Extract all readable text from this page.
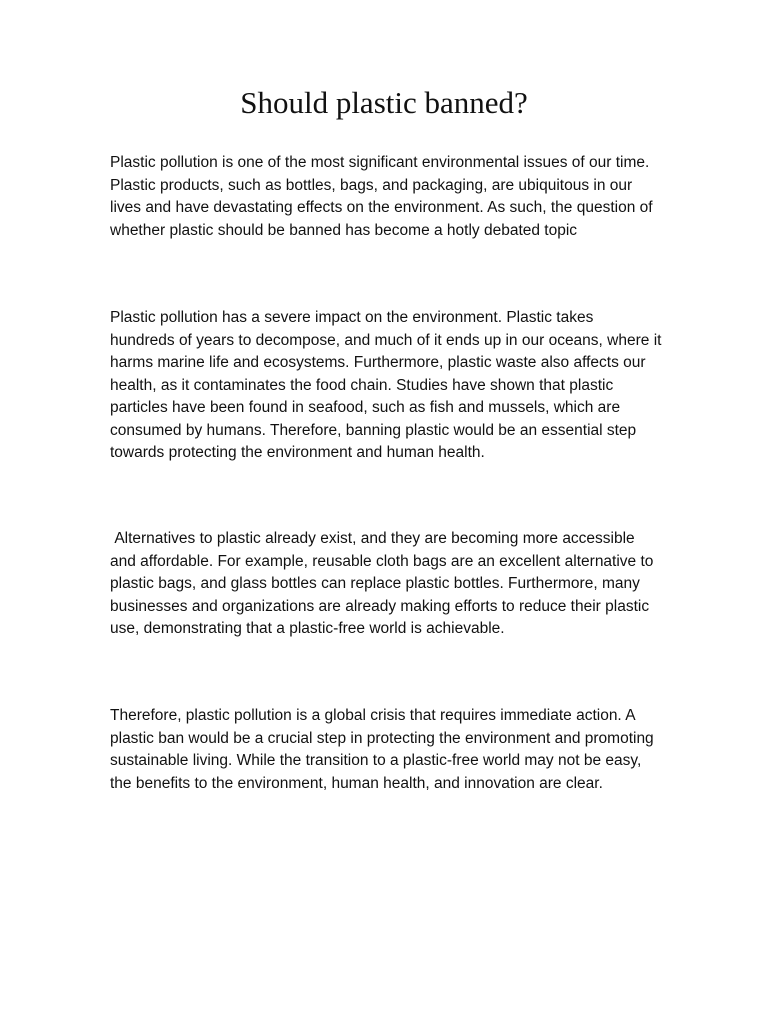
Should plastic banned?

Plastic pollution is one of the most significant environmental issues of our time. Plastic products, such as bottles, bags, and packaging, are ubiquitous in our lives and have devastating effects on the environment. As such, the question of whether plastic should be banned has become a hotly debated topic

Plastic pollution has a severe impact on the environment. Plastic takes hundreds of years to decompose, and much of it ends up in our oceans, where it harms marine life and ecosystems. Furthermore, plastic waste also affects our health, as it contaminates the food chain. Studies have shown that plastic particles have been found in seafood, such as fish and mussels, which are consumed by humans. Therefore, banning plastic would be an essential step towards protecting the environment and human health.

Alternatives to plastic already exist, and they are becoming more accessible and affordable. For example, reusable cloth bags are an excellent alternative to plastic bags, and glass bottles can replace plastic bottles. Furthermore, many businesses and organizations are already making efforts to reduce their plastic use, demonstrating that a plastic-free world is achievable.

Therefore, plastic pollution is a global crisis that requires immediate action. A plastic ban would be a crucial step in protecting the environment and promoting sustainable living. While the transition to a plastic-free world may not be easy, the benefits to the environment, human health, and innovation are clear.
